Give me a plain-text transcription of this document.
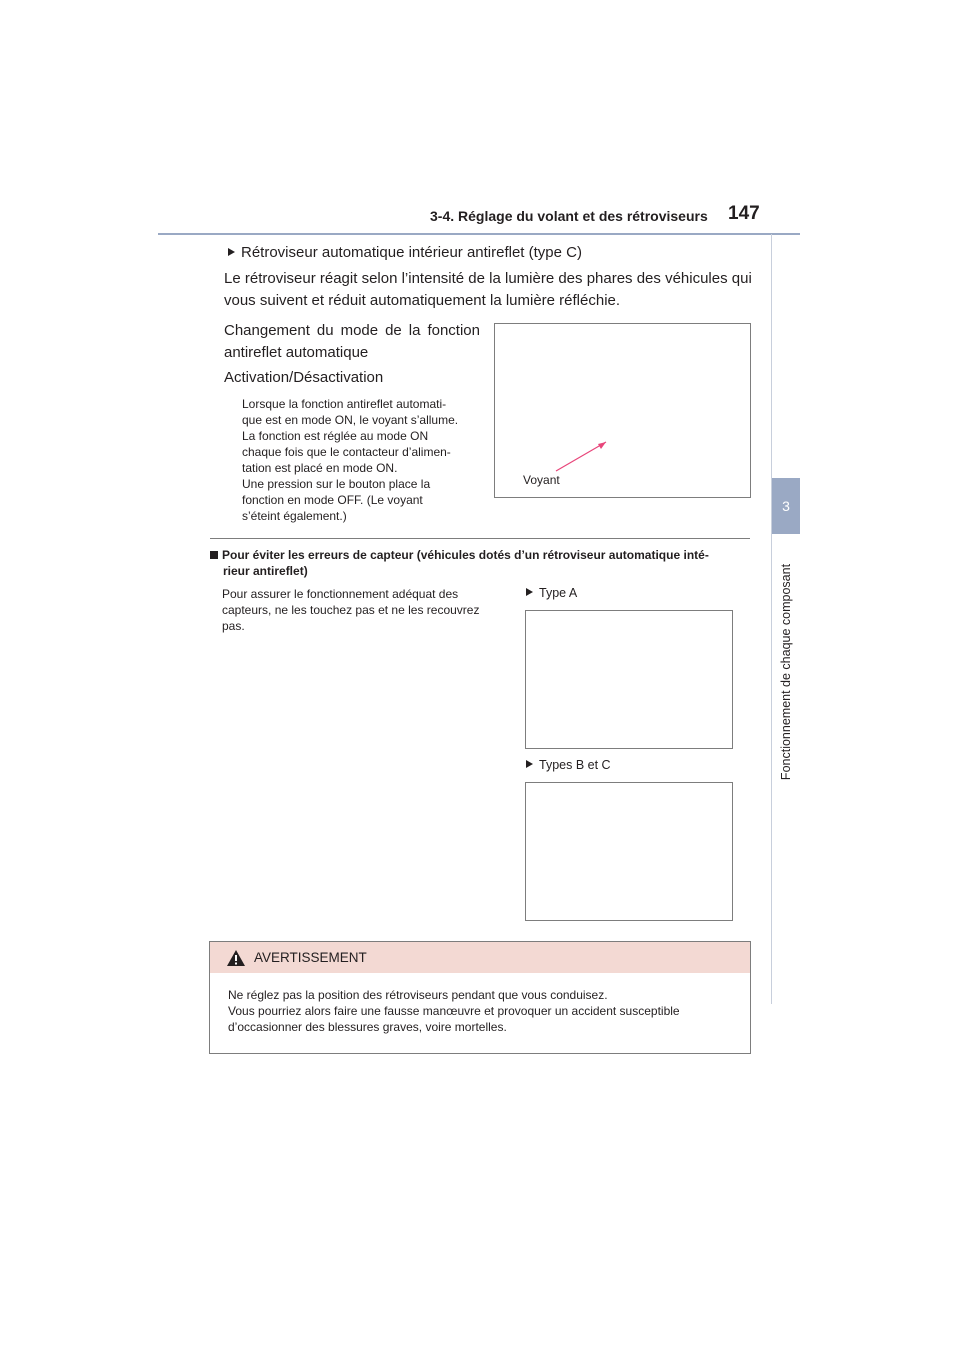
3-4. Réglage du volant et des rétroviseurs 147
3
Fonctionnement de chaque composant
Rétroviseur automatique intérieur antireflet (type C)
Le rétroviseur réagit selon l’intensité de la lumière des phares des véhicules qui
vous suivent et réduit automatiquement la lumière réfléchie.
Changement du mode de la fonction antireflet automatique
Activation/Désactivation
Lorsque la fonction antireflet automati-
que est en mode ON, le voyant s’allume.
La fonction est réglée au mode ON
chaque fois que le contacteur d’alimen-
tation est placé en mode ON.
Une pression sur le bouton place la
fonction en mode OFF. (Le voyant
s’éteint également.)
Voyant
Pour éviter les erreurs de capteur (véhicules dotés d’un rétroviseur automatique inté-
rieur antireflet)
Pour assurer le fonctionnement adéquat des
capteurs, ne les touchez pas et ne les recouvrez
pas.
Type A
Types B et C
AVERTISSEMENT
Ne réglez pas la position des rétroviseurs pendant que vous conduisez.
Vous pourriez alors faire une fausse manœuvre et provoquer un accident susceptible
d’occasionner des blessures graves, voire mortelles.
